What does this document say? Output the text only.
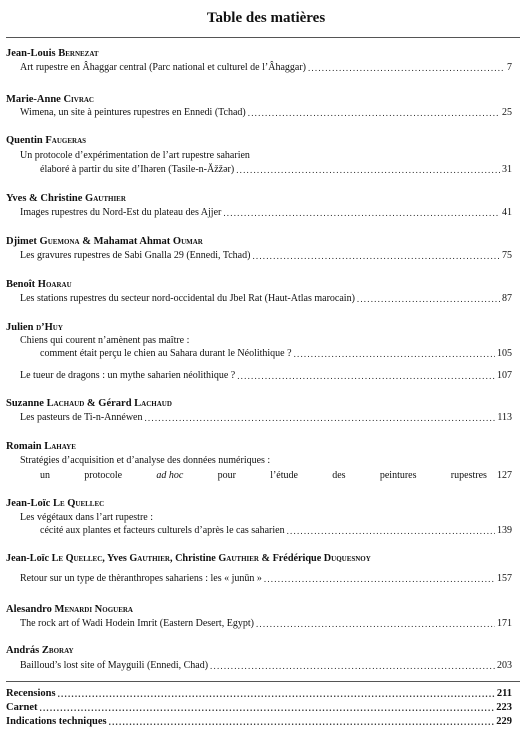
Table des matières
Jean-Louis Bernezat
Art rupestre en Âhaggar central (Parc national et culturel de l’Âhaggar) .....	7
Marie-Anne Civrac
Wimena, un site à peintures rupestres en Ennedi (Tchad) .....	25
Quentin Faugeras
Un protocole d’expérimentation de l’art rupestre saharien
élaboré à partir du site d’Ihəren (Tasile-n-Ăžžər) .....	31
Yves & Christine Gauthier
Images rupestres du Nord-Est du plateau des Ajjer .....	41
Djimet Guemona & Mahamat Ahmat Oumar
Les gravures rupestres de Sabi Gnalla 29 (Ennedi, Tchad) .....	75
Benoît Hoarau
Les stations rupestres du secteur nord-occidental du Jbel Rat (Haut-Atlas marocain) .....	87
Julien d’Huy
Chiens qui courent n’amènent pas maître :
comment était perçu le chien au Sahara durant le Néolithique ? .....	105
Le tueur de dragons : un mythe saharien néolithique ? .....	107
Suzanne Lachaud & Gérard Lachaud
Les pasteurs de Ti-n-Annéwen .....	113
Romain Lahaye
Stratégies d’acquisition et d’analyse des données numériques :
un	protocole	ad hoc	pour	l’étude	des	peintures	rupestres 127
Jean-Loïc Le Quellec
Les végétaux dans l’art rupestre :
cécité aux plantes et facteurs culturels d’après le cas saharien .....	139
Jean-Loïc Le Quellec, Yves Gauthier, Christine Gauthier & Frédérique Duquesnoy
Retour sur un type de thèranthropes sahariens : les « junūn » .....	157
Alesandro Menardi Noguera
The rock art of Wadi Hodein Imrit (Eastern Desert, Egypt) .....	171
András Zboray
Bailloud’s lost site of Mayguili (Ennedi, Chad) .....	203
Recensions .....	211
Carnet .....	223
Indications techniques .....	229
